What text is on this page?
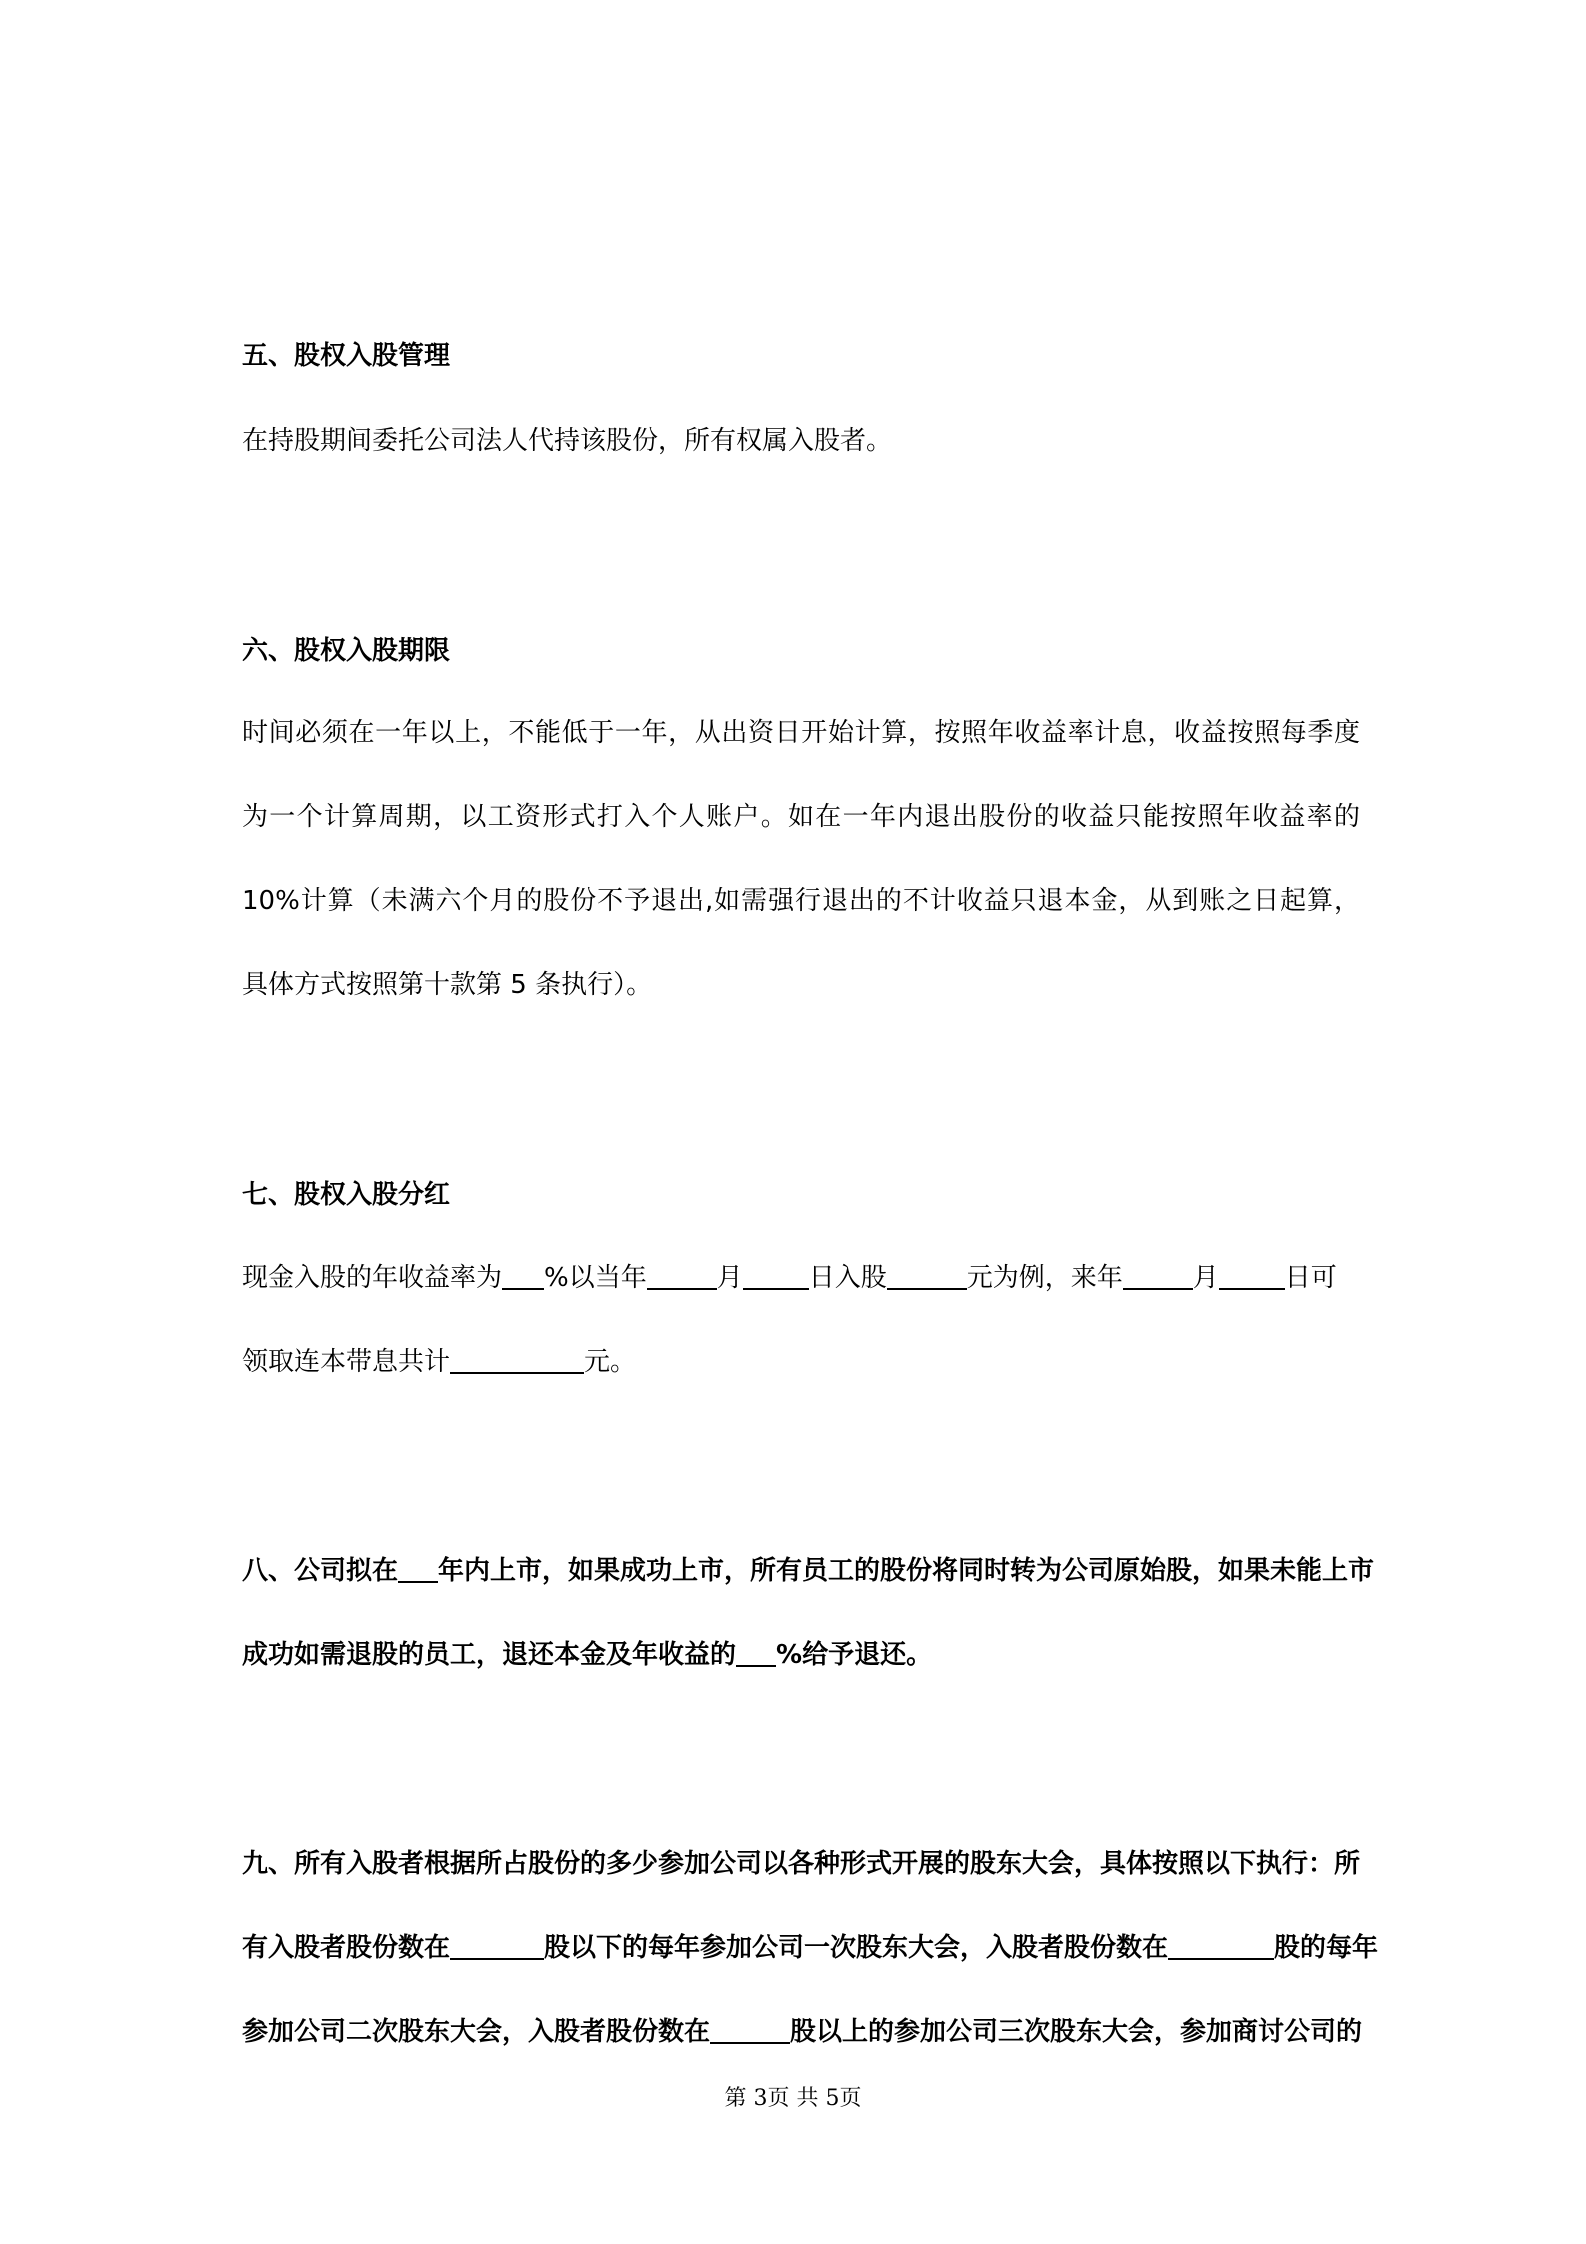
五、股权入股管理
在持股期间委托公司法人代持该股份，所有权属入股者。
六、股权入股期限
时间必须在一年以上，不能低于一年，从出资日开始计算，按照年收益率计息，收益按照每季度
为一个计算周期，以工资形式打入个人账户。如在一年内退出股份的收益只能按照年收益率的
10%计算（未满六个月的股份不予退出,如需强行退出的不计收益只退本金，从到账之日起算，
具体方式按照第十款第 5 条执行）。
七、股权入股分红
现金入股的年收益率为 %以当年	月	日入股	元为例，来年	月	日可
领取连本带息共计	元。
八、公司拟在 年内上市，如果成功上市，所有员工的股份将同时转为公司原始股，如果未能上市
成功如需退股的员工，退还本金及年收益的 %给予退还。
九、所有入股者根据所占股份的多少参加公司以各种形式开展的股东大会，具体按照以下执行：所
有入股者股份数在	股以下的每年参加公司一次股东大会，入股者股份数在	股的每年
参加公司二次股东大会，入股者股份数在	股以上的参加公司三次股东大会，参加商讨公司的
第 3页 共 5页
